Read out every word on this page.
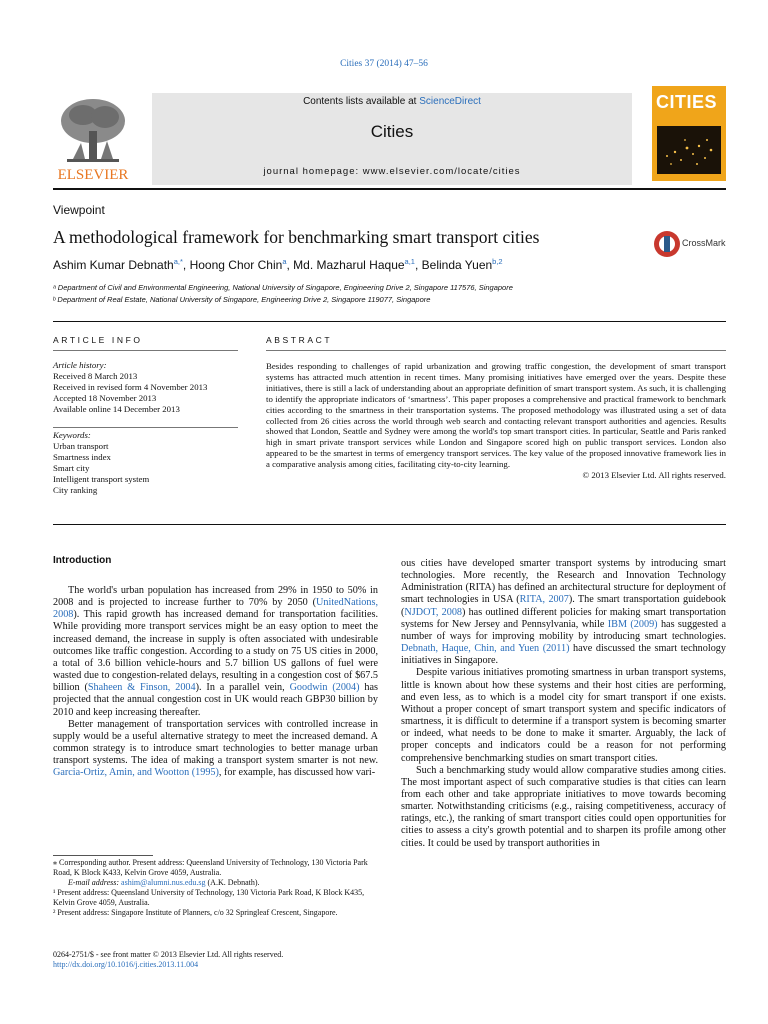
Cities 37 (2014) 47–56
ELSEVIER
Contents lists available at ScienceDirect
Cities
journal homepage: www.elsevier.com/locate/cities
CITIES
Viewpoint
A methodological framework for benchmarking smart transport cities	CrossMark
Ashim Kumar Debnath$^{a,*}$, Hoong Chor Chin$^a$, Md. Mazharul Haque$^{a,1}$, Belinda Yuen$^{b,2}$
ᵃ Department of Civil and Environmental Engineering, National University of Singapore, Engineering Drive 2, Singapore 117576, Singapore
ᵇ Department of Real Estate, National University of Singapore, Engineering Drive 2, Singapore 119077, Singapore
ARTICLE INFO	ABSTRACT
Article history:
Received 8 March 2013
Received in revised form 4 November 2013
Accepted 18 November 2013
Available online 14 December 2013
Keywords:
Urban transport
Smartness index
Smart city
Intelligent transport system
City ranking
Besides responding to challenges of rapid urbanization and growing traffic congestion, the development of smart transport systems has attracted much attention in recent times. Many promising initiatives have emerged over the years. Despite these initiatives, there is still a lack of understanding about an appropriate definition of smart transport system. As such, it is challenging to identify the appropriate indicators of ‘smartness’. This paper proposes a comprehensive and practical framework to benchmark cities according to the smartness in their transportation systems. The proposed methodology was illustrated using a set of data collected from 26 cities across the world through web search and contacting relevant transport authorities and agencies. Results showed that London, Seattle and Sydney were among the world's top smart transport cities. In particular, Seattle and Paris ranked high in smart private transport services while London and Singapore scored high on public transport services. London also appeared to be the smartest in terms of emergency transport services. The key value of the proposed innovative framework lies in a comparative analysis among cities, facilitating city-to-city learning.
© 2013 Elsevier Ltd. All rights reserved.
Introduction

The world's urban population has increased from 29% in 1950 to 50% in 2008 and is projected to increase further to 70% by 2050 (UnitedNations, 2008). This rapid growth has increased demand for transportation facilities. While providing more transport services might be an easy option to meet the increased demand, the increase in supply is often associated with undesirable outcomes like traffic congestion. According to a study on 75 US cities in 2000, a total of 3.6 billion vehicle-hours and 5.7 billion US gallons of fuel were wasted due to congestion-related delays, resulting in a congestion cost of $67.5 billion (Shaheen & Finson, 2004). In a parallel vein, Goodwin (2004) has projected that the annual congestion cost in UK would reach GBP30 billion by 2010 and keep increasing thereafter.

Better management of transportation services with controlled increase in supply would be a useful alternative strategy to meet the increased demand. A common strategy is to introduce smart technologies to better manage urban transport systems. The idea of making a transport system smarter is not new. Garcia-Ortiz, Amin, and Wootton (1995), for example, has discussed how vari-

ous cities have developed smarter transport systems by introducing smart technologies. More recently, the Research and Innovation Technology Administration (RITA) has defined an architectural structure for deployment of smart technologies in USA (RITA, 2007). The smart transportation guidebook (NJDOT, 2008) has outlined different policies for making smart transportation systems for New Jersey and Pennsylvania, while IBM (2009) has suggested a number of ways for improving mobility by introducing smart technologies. Debnath, Haque, Chin, and Yuen (2011) have discussed the smart technology initiatives in Singapore.

Despite various initiatives promoting smartness in urban transport systems, little is known about how these systems and their host cities are performing, and even less, as to which is a model city for smart transport if one exists. Without a proper concept of smart transport system and specific indicators of smartness, it is difficult to determine if a transport system is becoming smarter or indeed, what needs to be done to make it smarter. Arguably, the lack of proper concepts and indicators could be a reason for not performing comprehensive benchmarking studies on smart transport cities.

Such a benchmarking study would allow comparative studies among cities. The most important aspect of such comparative studies is that cities can learn from each other and take appropriate initiatives to move towards becoming smarter. Notwithstanding criticisms (e.g., raising competitiveness, accuracy of ratings, etc.), the ranking of smart transport cities could open opportunities for cities to assess a city's growth potential and to sharpen its profile among other cities. It could be used by transport authorities in

⁎ Corresponding author. Present address: Queensland University of Technology, 130 Victoria Park Road, K Block K433, Kelvin Grove 4059, Australia.

E-mail address: ashim@alumni.nus.edu.sg (A.K. Debnath).

¹ Present address: Queensland University of Technology, 130 Victoria Park Road, K Block K435, Kelvin Grove 4059, Australia.

² Present address: Singapore Institute of Planners, c/o 32 Springleaf Crescent, Singapore.

0264-2751/$ - see front matter © 2013 Elsevier Ltd. All rights reserved.
http://dx.doi.org/10.1016/j.cities.2013.11.004
